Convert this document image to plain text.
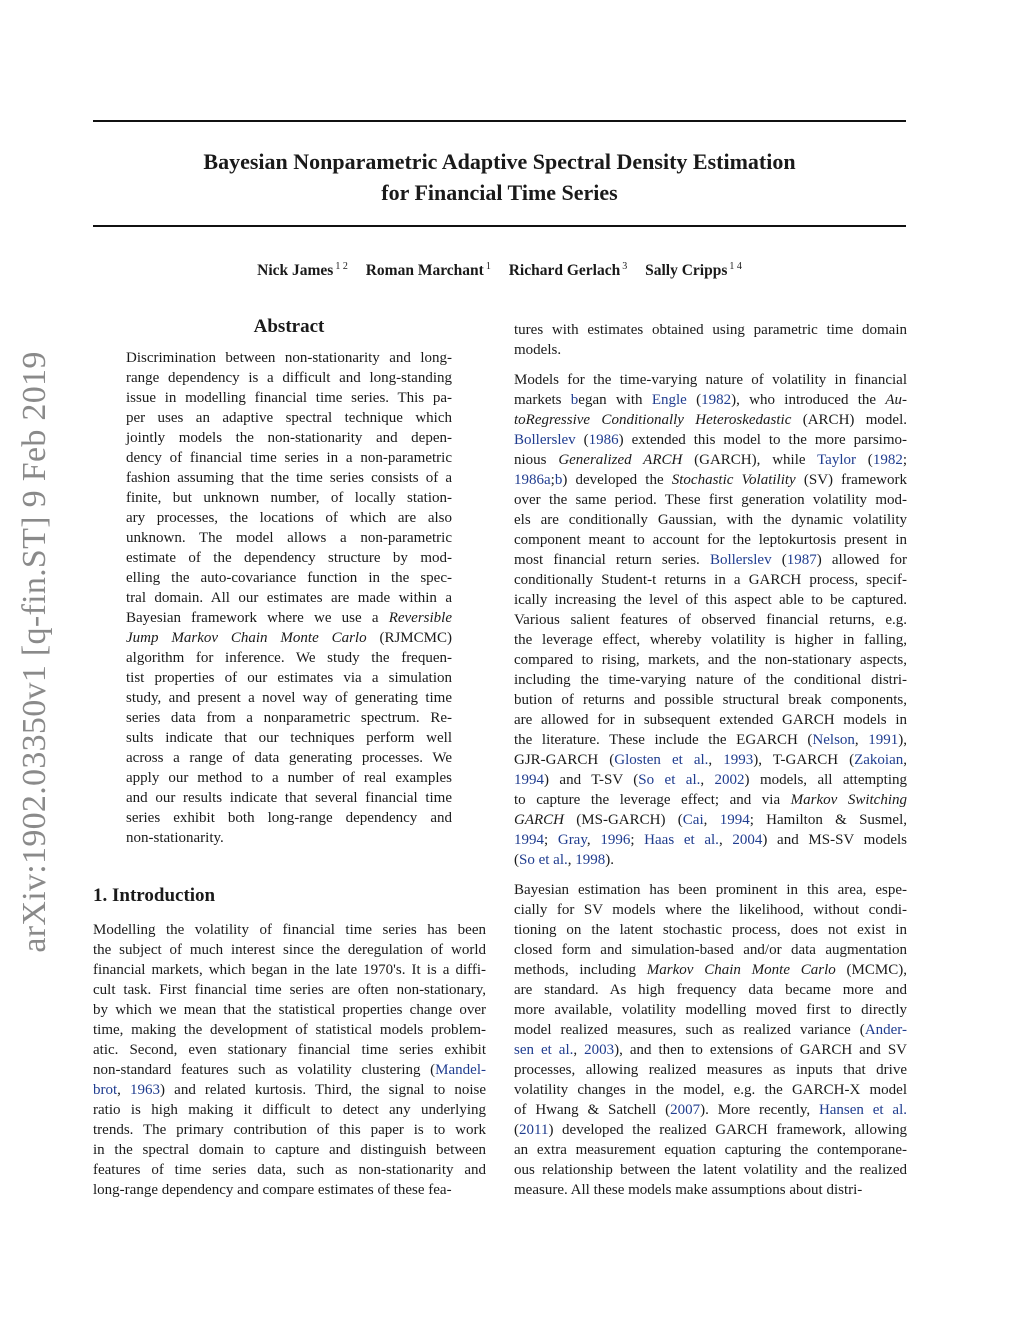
Bayesian Nonparametric Adaptive Spectral Density Estimation
for Financial Time Series
Nick James $^{1 2}$ Roman Marchant $^1$ Richard Gerlach $^3$ Sally Cripps $^{1 4}$
arXiv:1902.03350v1 [q-fin.ST] 9 Feb 2019
Abstract
Discrimination between non-stationarity and long-
range dependency is a difficult and long-standing
issue in modelling financial time series. This pa-
per uses an adaptive spectral technique which
jointly models the non-stationarity and depen-
dency of financial time series in a non-parametric
fashion assuming that the time series consists of a
finite, but unknown number, of locally station-
ary processes, the locations of which are also
unknown. The model allows a non-parametric
estimate of the dependency structure by mod-
elling the auto-covariance function in the spec-
tral domain. All our estimates are made within a
Bayesian framework where we use a Reversible
Jump Markov Chain Monte Carlo (RJMCMC)
algorithm for inference. We study the frequen-
tist properties of our estimates via a simulation
study, and present a novel way of generating time
series data from a nonparametric spectrum. Re-
sults indicate that our techniques perform well
across a range of data generating processes. We
apply our method to a number of real examples
and our results indicate that several financial time
series exhibit both long-range dependency and
non-stationarity.
1. Introduction
Modelling the volatility of financial time series has been
the subject of much interest since the deregulation of world
financial markets, which began in the late 1970's. It is a diffi-
cult task. First financial time series are often non-stationary,
by which we mean that the statistical properties change over
time, making the development of statistical models problem-
atic. Second, even stationary financial time series exhibit
non-standard features such as volatility clustering (Mandel-
brot, 1963) and related kurtosis. Third, the signal to noise
ratio is high making it difficult to detect any underlying
trends. The primary contribution of this paper is to work
in the spectral domain to capture and distinguish between
features of time series data, such as non-stationarity and
long-range dependency and compare estimates of these fea-
tures with estimates obtained using parametric time domain
models.
Models for the time-varying nature of volatility in financial
markets began with Engle (1982), who introduced the Au-
toRegressive Conditionally Heteroskedastic (ARCH) model.
Bollerslev (1986) extended this model to the more parsimo-
nious Generalized ARCH (GARCH), while Taylor (1982;
1986a;b) developed the Stochastic Volatility (SV) framework
over the same period. These first generation volatility mod-
els are conditionally Gaussian, with the dynamic volatility
component meant to account for the leptokurtosis present in
most financial return series. Bollerslev (1987) allowed for
conditionally Student-t returns in a GARCH process, specif-
ically increasing the level of this aspect able to be captured.
Various salient features of observed financial returns, e.g.
the leverage effect, whereby volatility is higher in falling,
compared to rising, markets, and the non-stationary aspects,
including the time-varying nature of the conditional distri-
bution of returns and possible structural break components,
are allowed for in subsequent extended GARCH models in
the literature. These include the EGARCH (Nelson, 1991),
GJR-GARCH (Glosten et al., 1993), T-GARCH (Zakoian,
1994) and T-SV (So et al., 2002) models, all attempting
to capture the leverage effect; and via Markov Switching
GARCH (MS-GARCH) (Cai, 1994; Hamilton & Susmel,
1994; Gray, 1996; Haas et al., 2004) and MS-SV models
(So et al., 1998).
Bayesian estimation has been prominent in this area, espe-
cially for SV models where the likelihood, without condi-
tioning on the latent stochastic process, does not exist in
closed form and simulation-based and/or data augmentation
methods, including Markov Chain Monte Carlo (MCMC),
are standard. As high frequency data became more and
more available, volatility modelling moved first to directly
model realized measures, such as realized variance (Ander-
sen et al., 2003), and then to extensions of GARCH and SV
processes, allowing realized measures as inputs that drive
volatility changes in the model, e.g. the GARCH-X model
of Hwang & Satchell (2007). More recently, Hansen et al.
(2011) developed the realized GARCH framework, allowing
an extra measurement equation capturing the contemporane-
ous relationship between the latent volatility and the realized
measure. All these models make assumptions about distri-
